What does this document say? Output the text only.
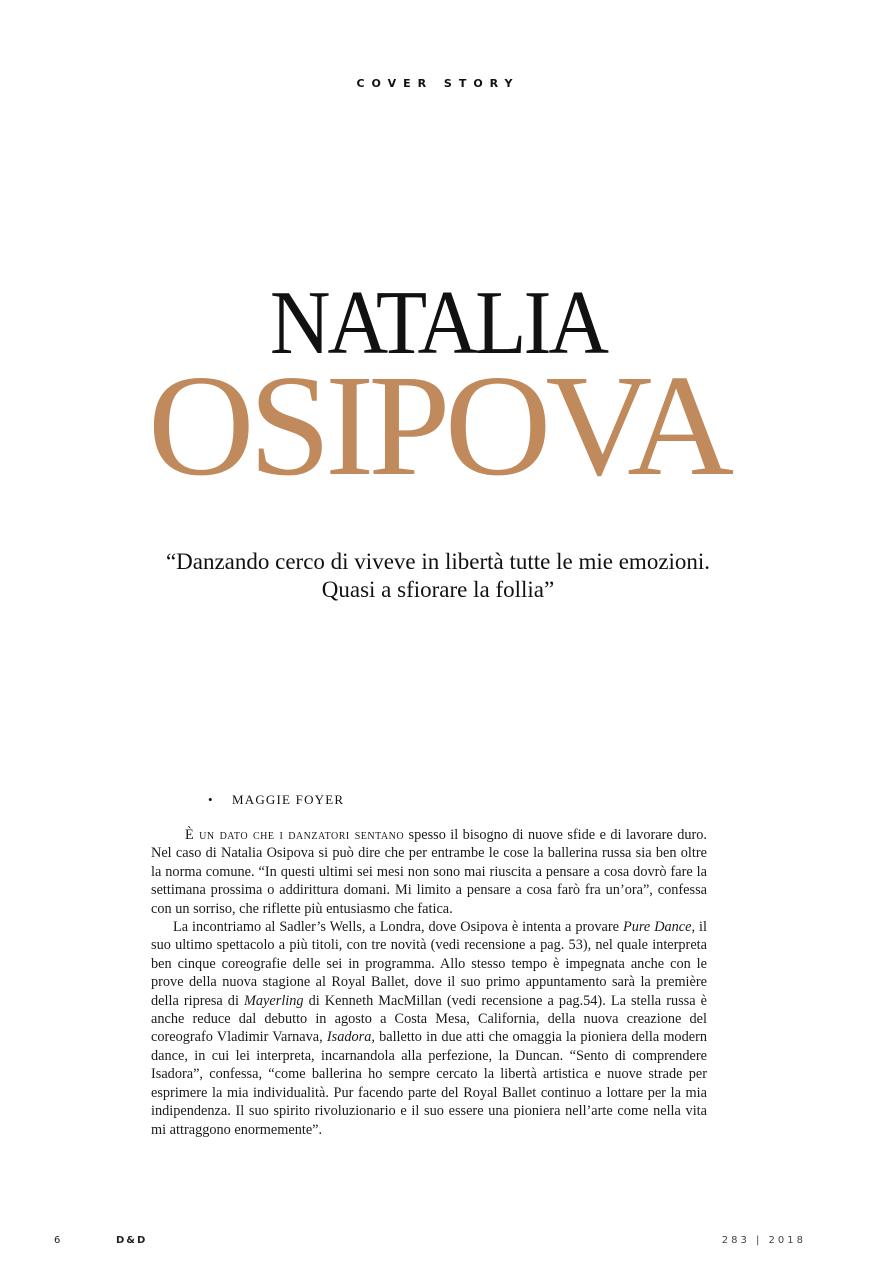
COVER STORY
NATALIA
OSIPOVA
“Danzando cerco di viveve in libertà tutte le mie emozioni.
Quasi a sfiorare la follia”
• MAGGIE FOYER

È un dato che i danzatori sentano spesso il bisogno di nuove sfide e di lavorare duro. Nel caso di Natalia Osipova si può dire che per entrambe le cose la ballerina russa sia ben oltre la norma comune. “In questi ultimi sei mesi non sono mai riuscita a pensare a cosa dovrò fare la settimana prossima o addirittura domani. Mi limito a pensare a cosa farò fra un’ora”, confessa con un sorriso, che riflette più entusiasmo che fatica.

La incontriamo al Sadler’s Wells, a Londra, dove Osipova è intenta a provare Pure Dance, il suo ultimo spettacolo a più titoli, con tre novità (vedi recensione a pag. 53), nel quale interpreta ben cinque coreografie delle sei in programma. Allo stesso tempo è impegnata anche con le prove della nuova stagione al Royal Ballet, dove il suo primo appuntamento sarà la première della ripresa di Mayerling di Kenneth MacMillan (vedi recensione a pag.54). La stella russa è anche reduce dal debutto in agosto a Costa Mesa, California, della nuova creazione del coreografo Vladimir Varnava, Isadora, balletto in due atti che omaggia la pioniera della modern dance, in cui lei interpreta, incarnandola alla perfezione, la Duncan. “Sento di comprendere Isadora”, confessa, “come ballerina ho sempre cercato la libertà artistica e nuove strade per esprimere la mia individualità. Pur facendo parte del Royal Ballet continuo a lottare per la mia indipendenza. Il suo spirito rivoluzionario e il suo essere una pioniera nell’arte come nella vita mi attraggono enormemente”.

6	D&D	283 | 2018
